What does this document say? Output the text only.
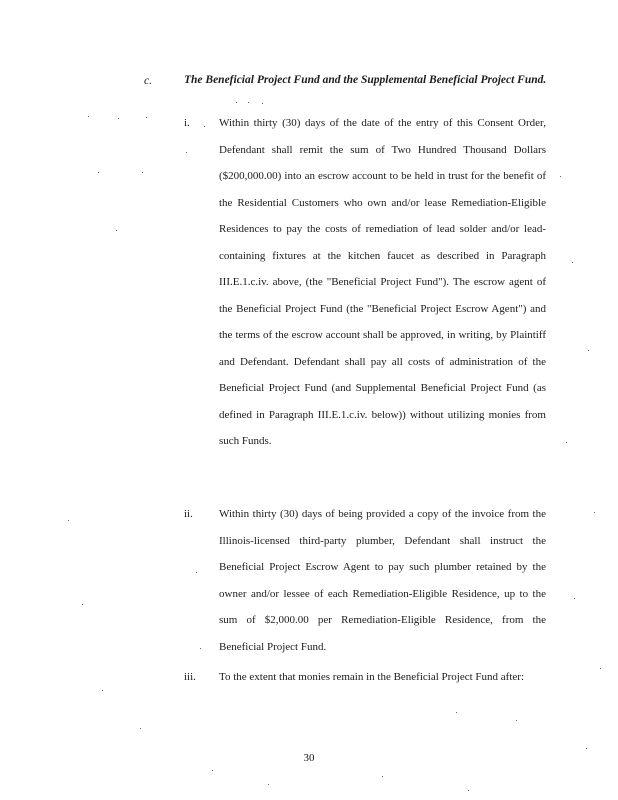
c.	The Beneficial Project Fund and the Supplemental Beneficial Project Fund.
i.	Within thirty (30) days of the date of the entry of this Consent Order, Defendant shall remit the sum of Two Hundred Thousand Dollars ($200,000.00) into an escrow account to be held in trust for the benefit of the Residential Customers who own and/or lease Remediation-Eligible Residences to pay the costs of remediation of lead solder and/or lead-containing fixtures at the kitchen faucet as described in Paragraph III.E.1.c.iv. above, (the "Beneficial Project Fund"). The escrow agent of the Beneficial Project Fund (the "Beneficial Project Escrow Agent") and the terms of the escrow account shall be approved, in writing, by Plaintiff and Defendant. Defendant shall pay all costs of administration of the Beneficial Project Fund (and Supplemental Beneficial Project Fund (as defined in Paragraph III.E.1.c.iv. below)) without utilizing monies from such Funds.
ii. Within thirty (30) days of being provided a copy of the invoice from the Illinois-licensed third-party plumber, Defendant shall instruct the Beneficial Project Escrow Agent to pay such plumber retained by the owner and/or lessee of each Remediation-Eligible Residence, up to the sum of $2,000.00 per Remediation-Eligible Residence, from the Beneficial Project Fund.
iii. To the extent that monies remain in the Beneficial Project Fund after:
30
